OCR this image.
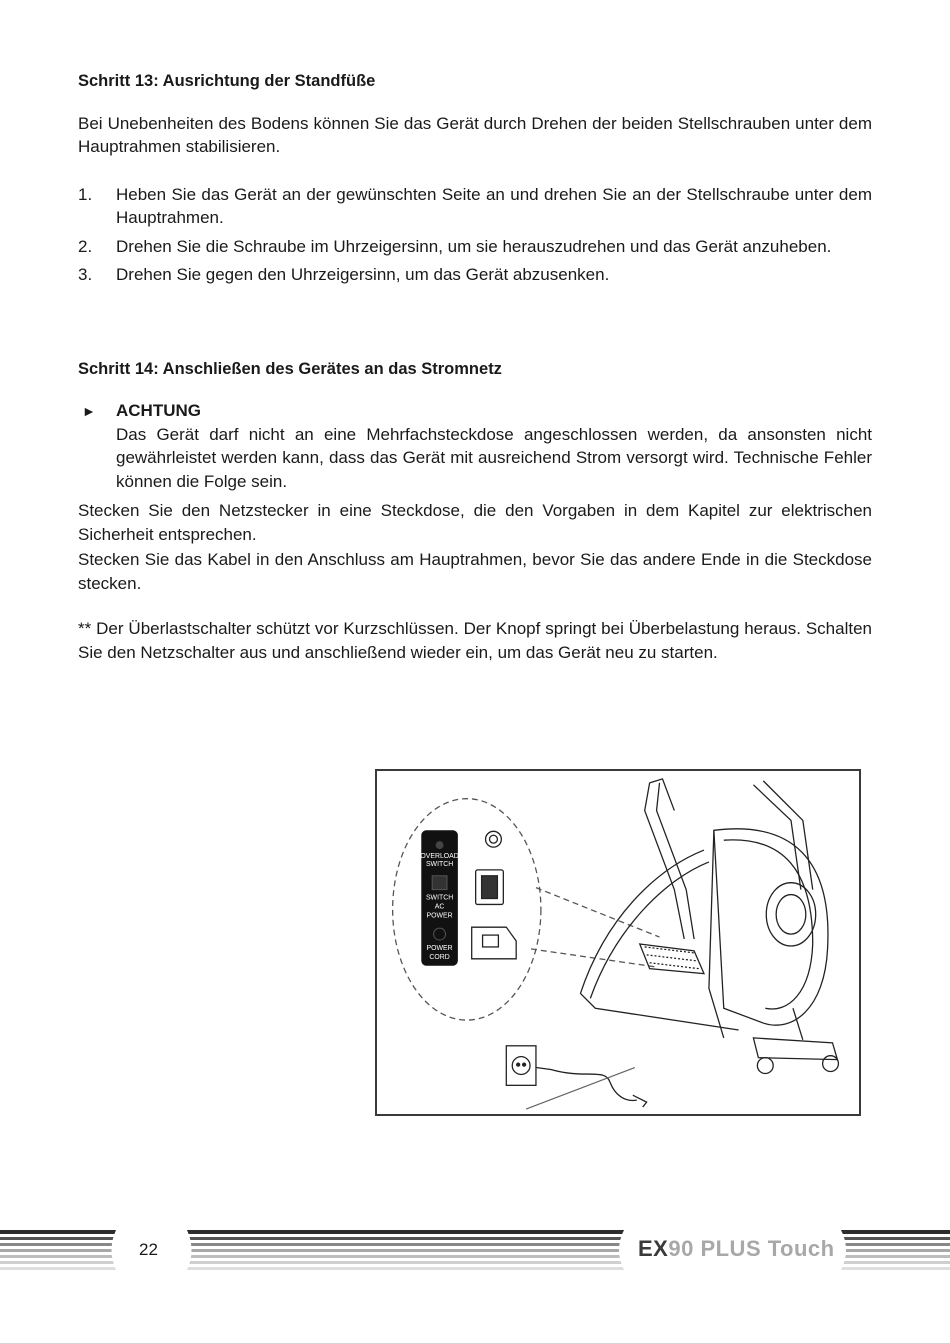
Schritt 13: Ausrichtung der Standfüße

Bei Unebenheiten des Bodens können Sie das Gerät durch Drehen der beiden Stellschrauben unter dem Hauptrahmen stabilisieren.

1. Heben Sie das Gerät an der gewünschten Seite an und drehen Sie an der Stellschraube unter dem Hauptrahmen.

2. Drehen Sie die Schraube im Uhrzeigersinn, um sie herauszudrehen und das Gerät anzuheben.

3. Drehen Sie gegen den Uhrzeigersinn, um das Gerät abzusenken.

Schritt 14: Anschließen des Gerätes an das Stromnetz
► ACHTUNG

Das Gerät darf nicht an eine Mehrfachsteckdose angeschlossen werden, da ansonsten nicht gewährleistet werden kann, dass das Gerät mit ausreichend Strom versorgt wird. Technische Fehler können die Folge sein.

Stecken Sie den Netzstecker in eine Steckdose, die den Vorgaben in dem Kapitel zur elektrischen Sicherheit entsprechen.

Stecken Sie das Kabel in den Anschluss am Hauptrahmen, bevor Sie das andere Ende in die Steckdose stecken.

** Der Überlastschalter schützt vor Kurzschlüssen. Der Knopf springt bei Überbelastung heraus. Schalten Sie den Netzschalter aus und anschließend wieder ein, um das Gerät neu zu starten.

OVERLOAD
SWITCH
SWITCH
AC
POWER
POWER
CORD
22	EX90 PLUS Touch
